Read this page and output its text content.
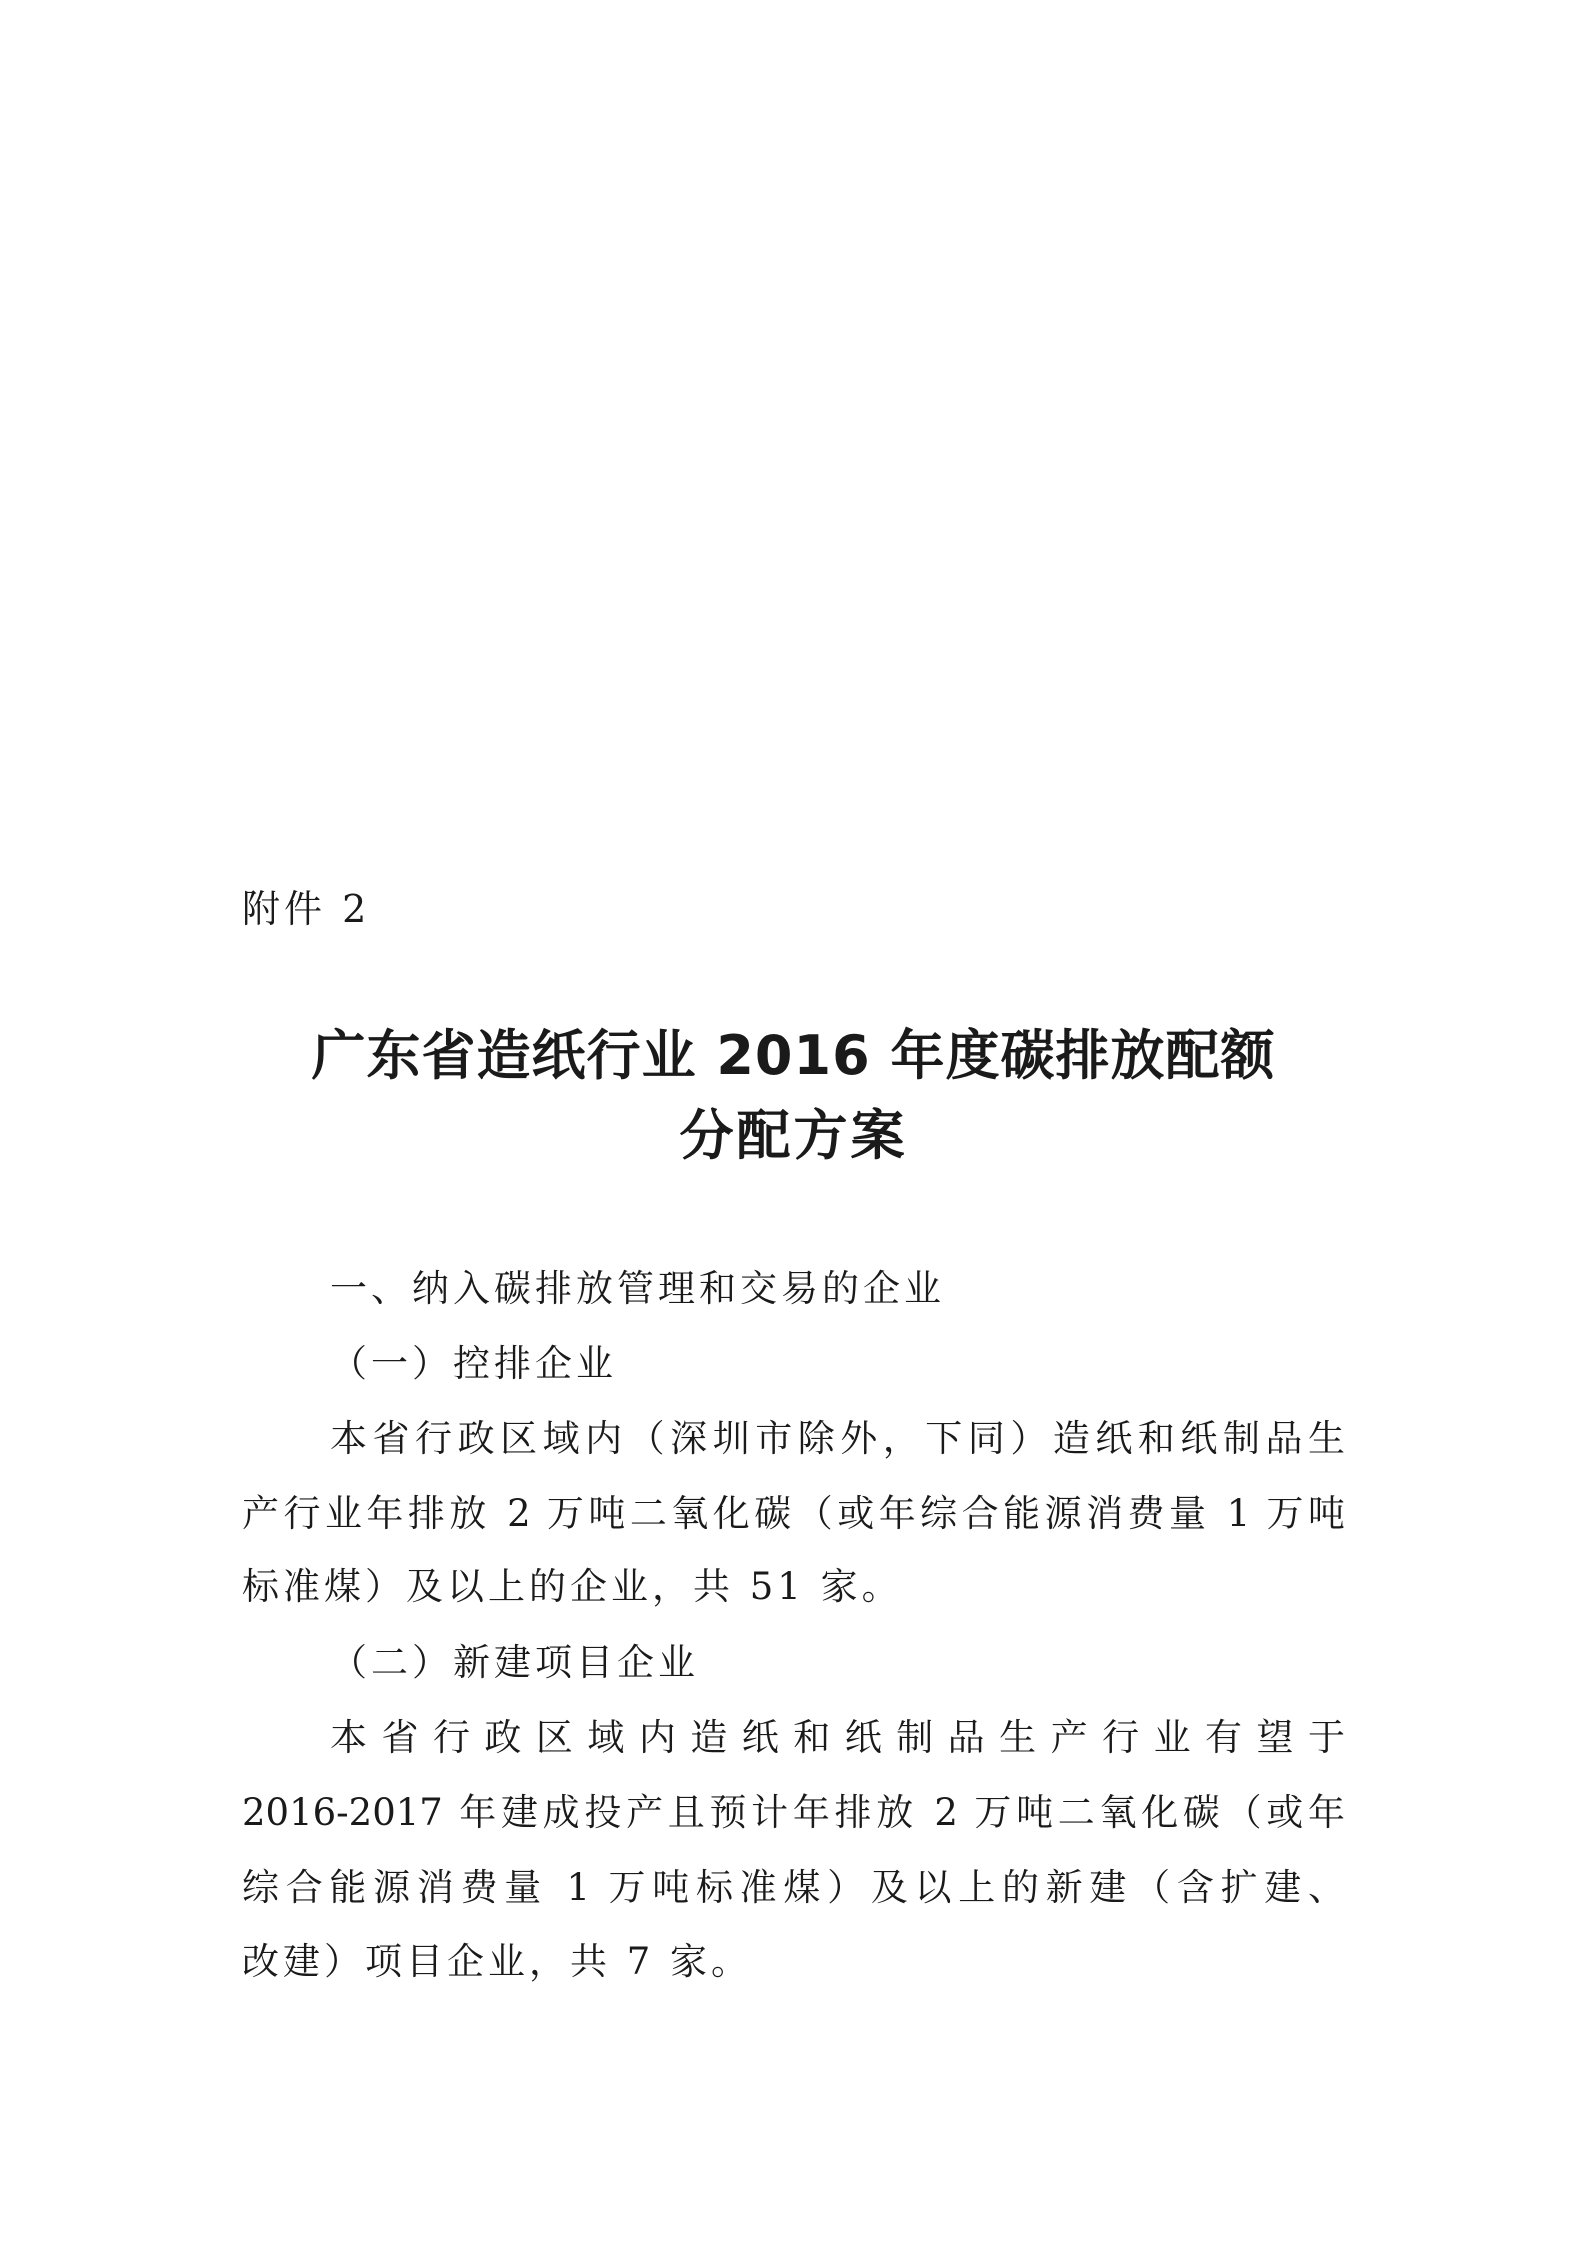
附件 2
广东省造纸行业 2016 年度碳排放配额
分配方案
一、纳入碳排放管理和交易的企业
（一）控排企业
本省行政区域内（深圳市除外，下同）造纸和纸制品生
产行业年排放 2 万吨二氧化碳（或年综合能源消费量 1 万吨
标准煤）及以上的企业，共 51 家。
（二）新建项目企业
本省行政区域内造纸和纸制品生产行业有望于
2016-2017 年建成投产且预计年排放 2 万吨二氧化碳（或年
综合能源消费量 1 万吨标准煤）及以上的新建（含扩建、
改建）项目企业，共 7 家。
